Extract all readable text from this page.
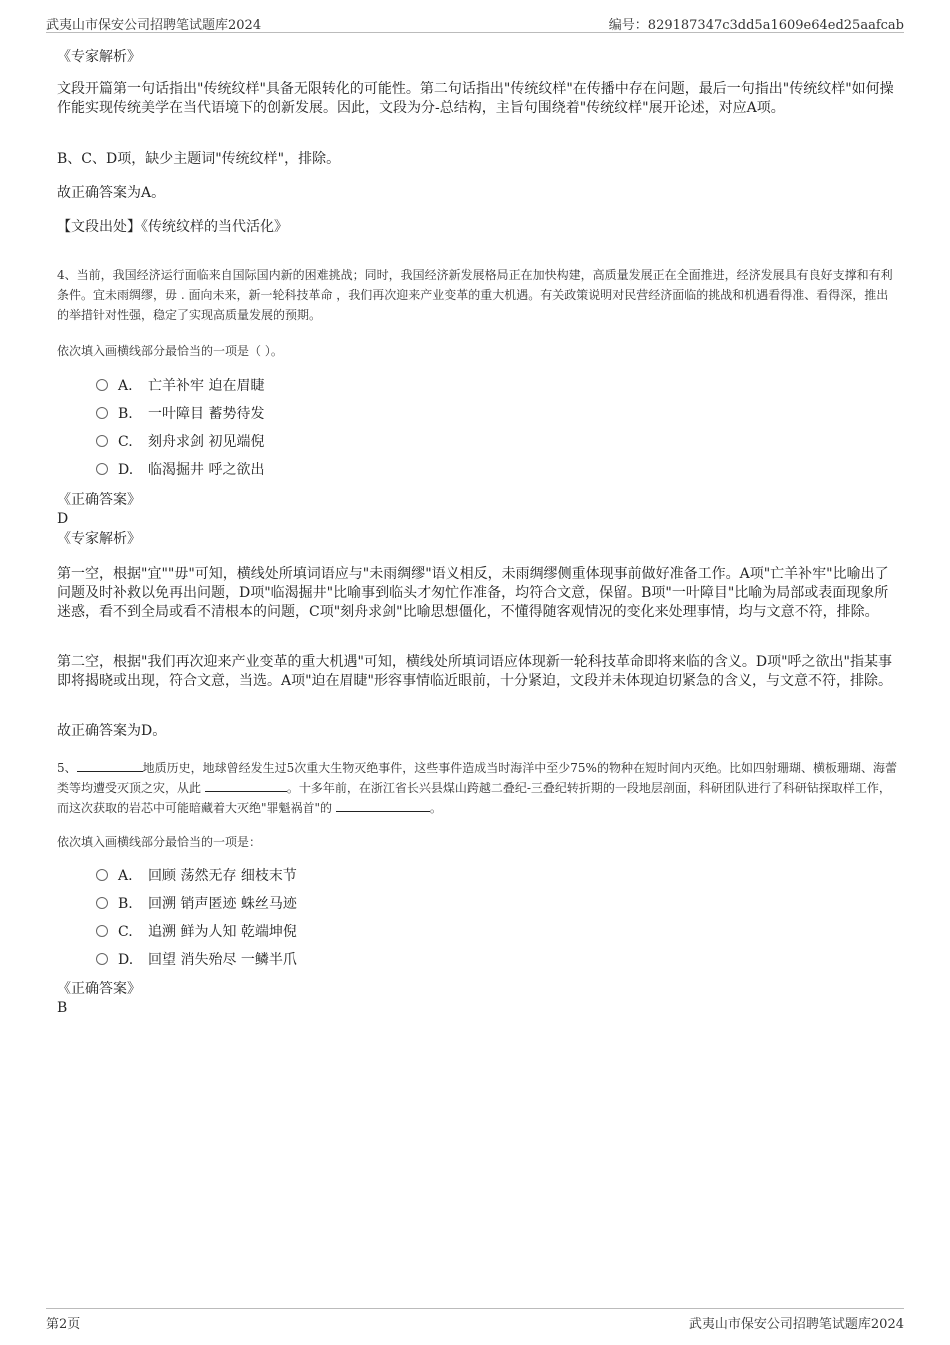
武夷山市保安公司招聘笔试题库2024	编号：829187347c3dd5a1609e64ed25aafcab
《专家解析》
文段开篇第一句话指出"传统纹样"具备无限转化的可能性。第二句话指出"传统纹样"在传播中存在问题，最后一句指出"传统纹样"如何操作能实现传统美学在当代语境下的创新发展。因此，文段为分-总结构，主旨句围绕着"传统纹样"展开论述，对应A项。
B、C、D项，缺少主题词"传统纹样"，排除。
故正确答案为A。
【文段出处】《传统纹样的当代活化》
4、当前，我国经济运行面临来自国际国内新的困难挑战；同时，我国经济新发展格局正在加快构建，高质量发展正在全面推进，经济发展具有良好支撑和有利条件。宜未雨绸缪，毋 . 面向未来，新一轮科技革命 ，我们再次迎来产业变革的重大机遇。有关政策说明对民营经济面临的挑战和机遇看得准、看得深，推出的举措针对性强，稳定了实现高质量发展的预期。
依次填入画横线部分最恰当的一项是（ ）。
A. 亡羊补牢 迫在眉睫
B. 一叶障目 蓄势待发
C. 刻舟求剑 初见端倪
D. 临渴掘井 呼之欲出
《正确答案》
D
《专家解析》
第一空，根据"宜""毋"可知，横线处所填词语应与"未雨绸缪"语义相反，未雨绸缪侧重体现事前做好准备工作。A项"亡羊补牢"比喻出了问题及时补救以免再出问题，D项"临渴掘井"比喻事到临头才匆忙作准备，均符合文意，保留。B项"一叶障目"比喻为局部或表面现象所迷惑，看不到全局或看不清根本的问题，C项"刻舟求剑"比喻思想僵化，不懂得随客观情况的变化来处理事情，均与文意不符，排除。
第二空，根据"我们再次迎来产业变革的重大机遇"可知，横线处所填词语应体现新一轮科技革命即将来临的含义。D项"呼之欲出"指某事即将揭晓或出现，符合文意，当选。A项"迫在眉睫"形容事情临近眼前，十分紧迫，文段并未体现迫切紧急的含义，与文意不符，排除。
故正确答案为D。
5、	地质历史，地球曾经发生过5次重大生物灭绝事件，这些事件造成当时海洋中至少75%的物种在短时间内灭绝。比如四射珊瑚、横板珊瑚、海蕾类等均遭受灭顶之灾，从此	。十多年前，在浙江省长兴县煤山跨越二叠纪-三叠纪转折期的一段地层剖面，科研团队进行了科研钻探取样工作，而这次获取的岩芯中可能暗藏着大灭绝"罪魁祸首"的	。
依次填入画横线部分最恰当的一项是：
A. 回顾 荡然无存 细枝末节
B. 回溯 销声匿迹 蛛丝马迹
C. 追溯 鲜为人知 乾端坤倪
D. 回望 消失殆尽 一鳞半爪
《正确答案》
B
第2页	武夷山市保安公司招聘笔试题库2024
